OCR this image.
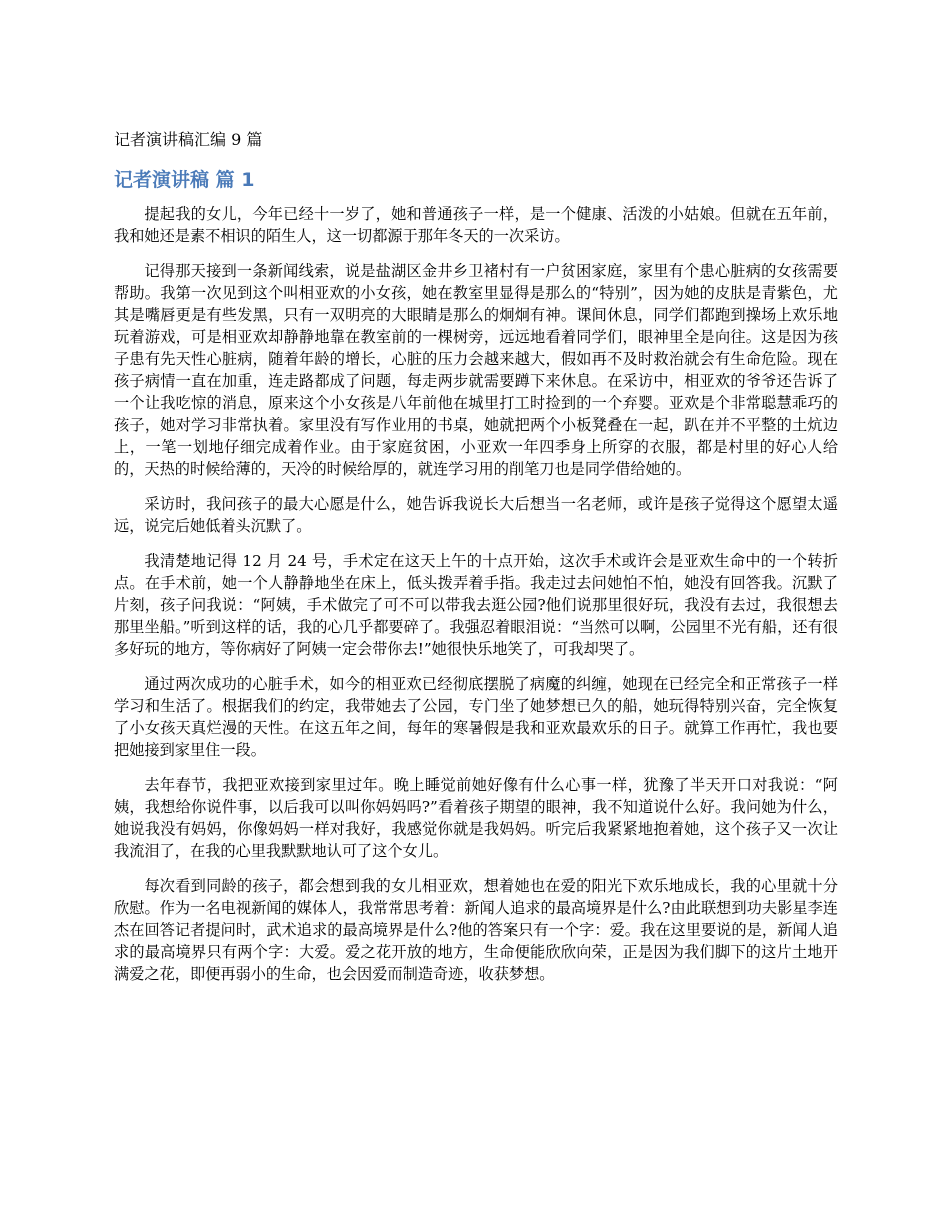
记者演讲稿汇编 9 篇
记者演讲稿 篇 1

提起我的女儿，今年已经十一岁了，她和普通孩子一样，是一个健康、活泼的小姑娘。但就在五年前，我和她还是素不相识的陌生人，这一切都源于那年冬天的一次采访。

记得那天接到一条新闻线索，说是盐湖区金井乡卫褚村有一户贫困家庭，家里有个患心脏病的女孩需要帮助。我第一次见到这个叫相亚欢的小女孩，她在教室里显得是那么的“特别”，因为她的皮肤是青紫色，尤其是嘴唇更是有些发黑，只有一双明亮的大眼睛是那么的炯炯有神。课间休息，同学们都跑到操场上欢乐地玩着游戏，可是相亚欢却静静地靠在教室前的一棵树旁，远远地看着同学们，眼神里全是向往。这是因为孩子患有先天性心脏病，随着年龄的增长，心脏的压力会越来越大，假如再不及时救治就会有生命危险。现在孩子病情一直在加重，连走路都成了问题，每走两步就需要蹲下来休息。在采访中，相亚欢的爷爷还告诉了一个让我吃惊的消息，原来这个小女孩是八年前他在城里打工时捡到的一个弃婴。亚欢是个非常聪慧乖巧的孩子，她对学习非常执着。家里没有写作业用的书桌，她就把两个小板凳叠在一起，趴在并不平整的土炕边上，一笔一划地仔细完成着作业。由于家庭贫困，小亚欢一年四季身上所穿的衣服，都是村里的好心人给的，天热的时候给薄的，天冷的时候给厚的，就连学习用的削笔刀也是同学借给她的。

采访时，我问孩子的最大心愿是什么，她告诉我说长大后想当一名老师，或许是孩子觉得这个愿望太遥远，说完后她低着头沉默了。

我清楚地记得 12 月 24 号，手术定在这天上午的十点开始，这次手术或许会是亚欢生命中的一个转折点。在手术前，她一个人静静地坐在床上，低头拨弄着手指。我走过去问她怕不怕，她没有回答我。沉默了片刻，孩子问我说：“阿姨，手术做完了可不可以带我去逛公园?他们说那里很好玩，我没有去过，我很想去那里坐船。”听到这样的话，我的心几乎都要碎了。我强忍着眼泪说：“当然可以啊，公园里不光有船，还有很多好玩的地方，等你病好了阿姨一定会带你去!”她很快乐地笑了，可我却哭了。

通过两次成功的心脏手术，如今的相亚欢已经彻底摆脱了病魔的纠缠，她现在已经完全和正常孩子一样学习和生活了。根据我们的约定，我带她去了公园，专门坐了她梦想已久的船，她玩得特别兴奋，完全恢复了小女孩天真烂漫的天性。在这五年之间，每年的寒暑假是我和亚欢最欢乐的日子。就算工作再忙，我也要把她接到家里住一段。

去年春节，我把亚欢接到家里过年。晚上睡觉前她好像有什么心事一样，犹豫了半天开口对我说：“阿姨，我想给你说件事，以后我可以叫你妈妈吗?”看着孩子期望的眼神，我不知道说什么好。我问她为什么，她说我没有妈妈，你像妈妈一样对我好，我感觉你就是我妈妈。听完后我紧紧地抱着她，这个孩子又一次让我流泪了，在我的心里我默默地认可了这个女儿。

每次看到同龄的孩子，都会想到我的女儿相亚欢，想着她也在爱的阳光下欢乐地成长，我的心里就十分欣慰。作为一名电视新闻的媒体人，我常常思考着：新闻人追求的最高境界是什么?由此联想到功夫影星李连杰在回答记者提问时，武术追求的最高境界是什么?他的答案只有一个字：爱。我在这里要说的是，新闻人追求的最高境界只有两个字：大爱。爱之花开放的地方，生命便能欣欣向荣，正是因为我们脚下的这片土地开满爱之花，即便再弱小的生命，也会因爱而制造奇迹，收获梦想。
